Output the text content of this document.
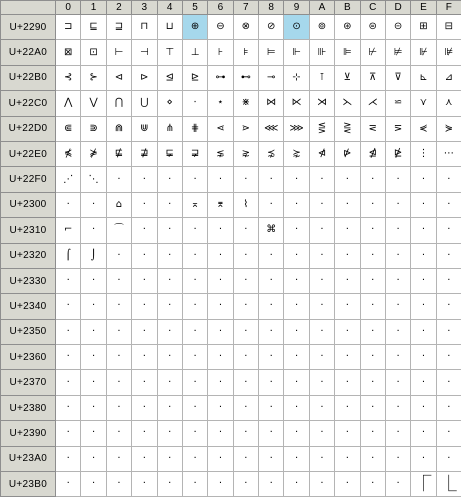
0	1	2	3	4	5	6	7	8	9	A	B	C	D	E	F
U+2290	⊐	⊑	⊒	⊓	⊔	⊕	⊖	⊗	⊘	⊙	⊚	⊛	⊜	⊝	⊞	⊟
U+22A0	⊠	⊡	⊢	⊣	⊤	⊥	⊦	⊧	⊨	⊩	⊪	⊫	⊬	⊭	⊮	⊯
U+22B0	⊰	⊱	⊲	⊳	⊴	⊵	⊶	⊷	⊸	⊹	⊺	⊻	⊼	⊽	⊾	⊿
U+22C0	⋀	⋁	⋂	⋃	⋄	⋅	⋆	⋇	⋈	⋉	⋊	⋋	⋌	⋍	⋎	⋏
U+22D0	⋐	⋑	⋒	⋓	⋔	⋕	⋖	⋗	⋘	⋙	⋚	⋛	⋜	⋝	⋞	⋟
U+22E0	⋠	⋡	⋢	⋣	⋤	⋥	⋦	⋧	⋨	⋩	⋪	⋫	⋬	⋭	⋮	⋯
U+22F0	⋰	⋱	·	·	·	·	·	·	·	·	·	·	·	·	·	·
U+2300	·	·	⌂	·	·	⌅	⌆	⌇	·	·	·	·	·	·	·	·
U+2310	⌐	·	⌒	·	·	·	·	·	⌘	·	·	·	·	·	·	·
U+2320	⌠	⌡	·	·	·	·	·	·	·	·	·	·	·	·	·	·
U+2330	·	·	·	·	·	·	·	·	·	·	·	·	·	·	·	·
U+2340	·	·	·	·	·	·	·	·	·	·	·	·	·	·	·	·
U+2350	·	·	·	·	·	·	·	·	·	·	·	·	·	·	·	·
U+2360	·	·	·	·	·	·	·	·	·	·	·	·	·	·	·	·
U+2370	·	·	·	·	·	·	·	·	·	·	·	·	·	·	·	·
U+2380	·	·	·	·	·	·	·	·	·	·	·	·	·	·	·	·
U+2390	·	·	·	·	·	·	·	·	·	·	·	·	·	·	·	·
U+23A0	·	·	·	·	·	·	·	·	·	·	·	·	·	·	·	·
U+23B0	·	·	·	·	·	·	·	·	·	·	·	·	·	· ⎾ ⎿
